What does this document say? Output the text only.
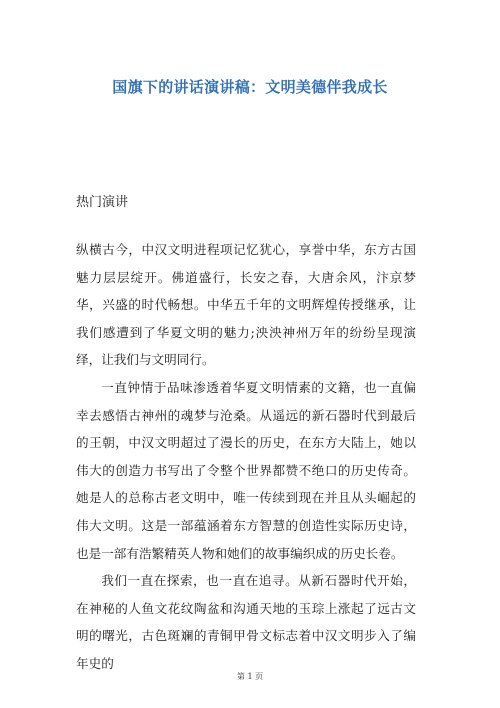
国旗下的讲话演讲稿：文明美德伴我成长
热门演讲

纵横古今，中汉文明进程项记忆犹心，享誉中华，东方古国魅力层层绽开。佛道盛行，长安之春，大唐余风，汴京梦华，兴盛的时代畅想。中华五千年的文明辉煌传授继承，让我们感遭到了华夏文明的魅力;泱泱神州万年的纷纷呈现演绎，让我们与文明同行。

一直钟情于品味渗透着华夏文明情素的文籍，也一直偏幸去感悟古神州的魂梦与沧桑。从遥远的新石器时代到最后的王朝，中汉文明超过了漫长的历史，在东方大陆上，她以伟大的创造力书写出了令整个世界都赞不绝口的历史传奇。她是人的总称古老文明中，唯一传续到现在并且从头崛起的伟大文明。这是一部蕴涵着东方智慧的创造性实际历史诗，也是一部有浩繁精英人物和她们的故事编织成的历史长卷。

我们一直在探索，也一直在追寻。从新石器时代开始，在神秘的人鱼文花纹陶盆和沟通天地的玉琮上涨起了远古文明的曙光，古色斑斓的青铜甲骨文标志着中汉文明步入了编年史的

第 1 页
